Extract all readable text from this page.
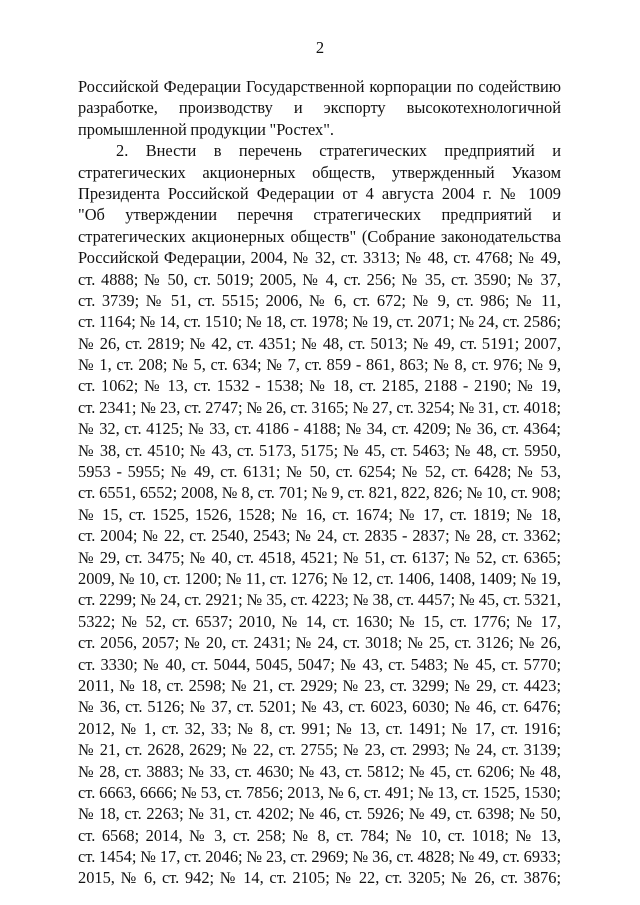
2
Российской Федерации Государственной корпорации по содействию
разработке, производству и экспорту высокотехнологичной
промышленной продукции "Ростех".
2. Внести в перечень стратегических предприятий и
стратегических акционерных обществ, утвержденный Указом
Президента Российской Федерации от 4 августа 2004 г. № 1009
"Об утверждении перечня стратегических предприятий и
стратегических акционерных обществ" (Собрание законодательства
Российской Федерации, 2004, № 32, ст. 3313; № 48, ст. 4768; № 49,
ст. 4888; № 50, ст. 5019; 2005, № 4, ст. 256; № 35, ст. 3590; № 37,
ст. 3739; № 51, ст. 5515; 2006, № 6, ст. 672; № 9, ст. 986; № 11,
ст. 1164; № 14, ст. 1510; № 18, ст. 1978; № 19, ст. 2071; № 24, ст. 2586;
№ 26, ст. 2819; № 42, ст. 4351; № 48, ст. 5013; № 49, ст. 5191; 2007,
№ 1, ст. 208; № 5, ст. 634; № 7, ст. 859 - 861, 863; № 8, ст. 976; № 9,
ст. 1062; № 13, ст. 1532 - 1538; № 18, ст. 2185, 2188 - 2190; № 19,
ст. 2341; № 23, ст. 2747; № 26, ст. 3165; № 27, ст. 3254; № 31, ст. 4018;
№ 32, ст. 4125; № 33, ст. 4186 - 4188; № 34, ст. 4209; № 36, ст. 4364;
№ 38, ст. 4510; № 43, ст. 5173, 5175; № 45, ст. 5463; № 48, ст. 5950,
5953 - 5955; № 49, ст. 6131; № 50, ст. 6254; № 52, ст. 6428; № 53,
ст. 6551, 6552; 2008, № 8, ст. 701; № 9, ст. 821, 822, 826; № 10, ст. 908;
№ 15, ст. 1525, 1526, 1528; № 16, ст. 1674; № 17, ст. 1819; № 18,
ст. 2004; № 22, ст. 2540, 2543; № 24, ст. 2835 - 2837; № 28, ст. 3362;
№ 29, ст. 3475; № 40, ст. 4518, 4521; № 51, ст. 6137; № 52, ст. 6365;
2009, № 10, ст. 1200; № 11, ст. 1276; № 12, ст. 1406, 1408, 1409; № 19,
ст. 2299; № 24, ст. 2921; № 35, ст. 4223; № 38, ст. 4457; № 45, ст. 5321,
5322; № 52, ст. 6537; 2010, № 14, ст. 1630; № 15, ст. 1776; № 17,
ст. 2056, 2057; № 20, ст. 2431; № 24, ст. 3018; № 25, ст. 3126; № 26,
ст. 3330; № 40, ст. 5044, 5045, 5047; № 43, ст. 5483; № 45, ст. 5770;
2011, № 18, ст. 2598; № 21, ст. 2929; № 23, ст. 3299; № 29, ст. 4423;
№ 36, ст. 5126; № 37, ст. 5201; № 43, ст. 6023, 6030; № 46, ст. 6476;
2012, № 1, ст. 32, 33; № 8, ст. 991; № 13, ст. 1491; № 17, ст. 1916;
№ 21, ст. 2628, 2629; № 22, ст. 2755; № 23, ст. 2993; № 24, ст. 3139;
№ 28, ст. 3883; № 33, ст. 4630; № 43, ст. 5812; № 45, ст. 6206; № 48,
ст. 6663, 6666; № 53, ст. 7856; 2013, № 6, ст. 491; № 13, ст. 1525, 1530;
№ 18, ст. 2263; № 31, ст. 4202; № 46, ст. 5926; № 49, ст. 6398; № 50,
ст. 6568; 2014, № 3, ст. 258; № 8, ст. 784; № 10, ст. 1018; № 13,
ст. 1454; № 17, ст. 2046; № 23, ст. 2969; № 36, ст. 4828; № 49, ст. 6933;
2015, № 6, ст. 942; № 14, ст. 2105; № 22, ст. 3205; № 26, ст. 3876;
